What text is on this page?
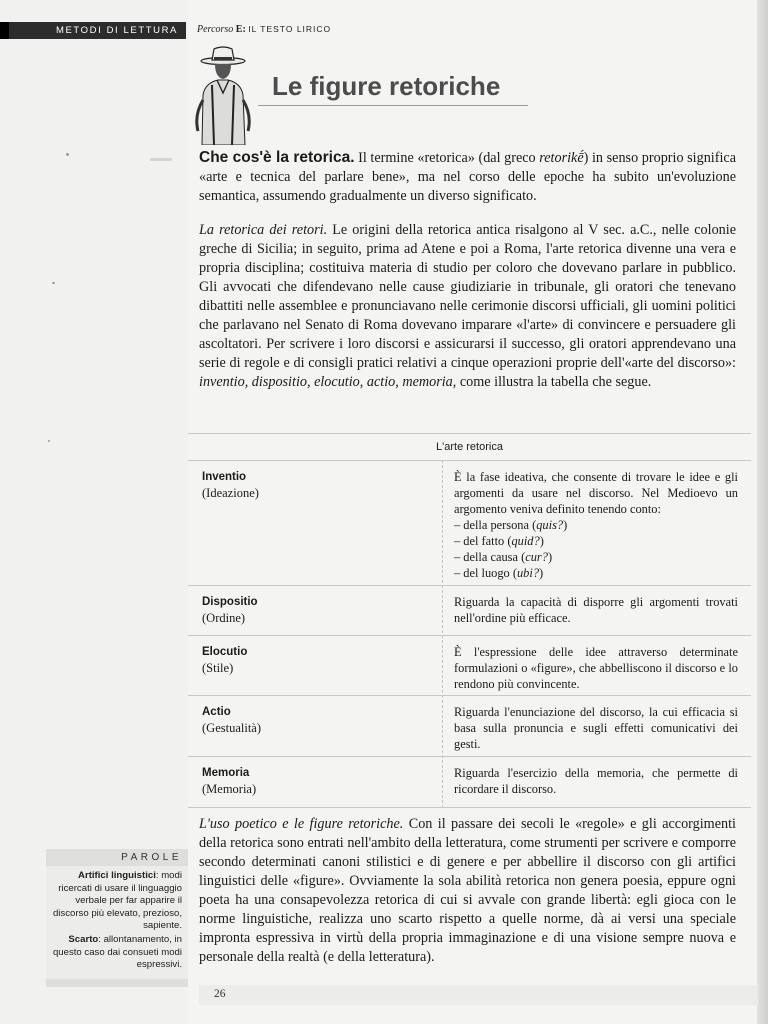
METODI DI LETTURA Percorso E: IL TESTO LIRICO
Le figure retoriche

Che cos'è la retorica. Il termine «retorica» (dal greco retorikḗ) in senso proprio significa «arte e tecnica del parlare bene», ma nel corso delle epoche ha subito un'evoluzione semantica, assumendo gradualmente un diverso significato.

La retorica dei retori. Le origini della retorica antica risalgono al V sec. a.C., nelle colonie greche di Sicilia; in seguito, prima ad Atene e poi a Roma, l'arte retorica divenne una vera e propria disciplina; costituiva materia di studio per coloro che dovevano parlare in pubblico. Gli avvocati che difendevano nelle cause giudiziarie in tribunale, gli oratori che tenevano dibattiti nelle assemblee e pronunciavano nelle cerimonie discorsi ufficiali, gli uomini politici che parlavano nel Senato di Roma dovevano imparare «l'arte» di convincere e persuadere gli ascoltatori. Per scrivere i loro discorsi e assicurarsi il successo, gli oratori apprendevano una serie di regole e di consigli pratici relativi a cinque operazioni proprie dell'«arte del discorso»: inventio, dispositio, elocutio, actio, memoria, come illustra la tabella che segue.

L'arte retorica
Inventio
(Ideazione)
È la fase ideativa, che consente di trovare le idee e gli argomenti da usare nel discorso. Nel Medioevo un argomento veniva definito tenendo conto:
– della persona (quis?)
– del fatto (quid?)
– della causa (cur?)
– del luogo (ubi?)
Dispositio
(Ordine)
Riguarda la capacità di disporre gli argomenti trovati nell'ordine più efficace.
Elocutio
(Stile)
È l'espressione delle idee attraverso determinate formulazioni o «figure», che abbelliscono il discorso e lo rendono più convincente.
Actio
(Gestualità)
Riguarda l'enunciazione del discorso, la cui efficacia si basa sulla pronuncia e sugli effetti comunicativi dei gesti.
Memoria
(Memoria)
Riguarda l'esercizio della memoria, che permette di ricordare il discorso.

L'uso poetico e le figure retoriche. Con il passare dei secoli le «regole» e gli accorgimenti della retorica sono entrati nell'ambito della letteratura, come strumenti per scrivere e comporre secondo determinati canoni stilistici e di genere e per abbellire il discorso con gli artifici linguistici delle «figure». Ovviamente la sola abilità retorica non genera poesia, eppure ogni poeta ha una consapevolezza retorica di cui si avvale con grande libertà: egli gioca con le norme linguistiche, realizza uno scarto rispetto a quelle norme, dà ai versi una speciale impronta espressiva in virtù della propria immaginazione e di una visione sempre nuova e personale della realtà (e della letteratura).

PAROLE

Artifici linguistici: modi ricercati di usare il linguaggio verbale per far apparire il discorso più elevato, prezioso, sapiente.

Scarto: allontanamento, in questo caso dai consueti modi espressivi.

26
